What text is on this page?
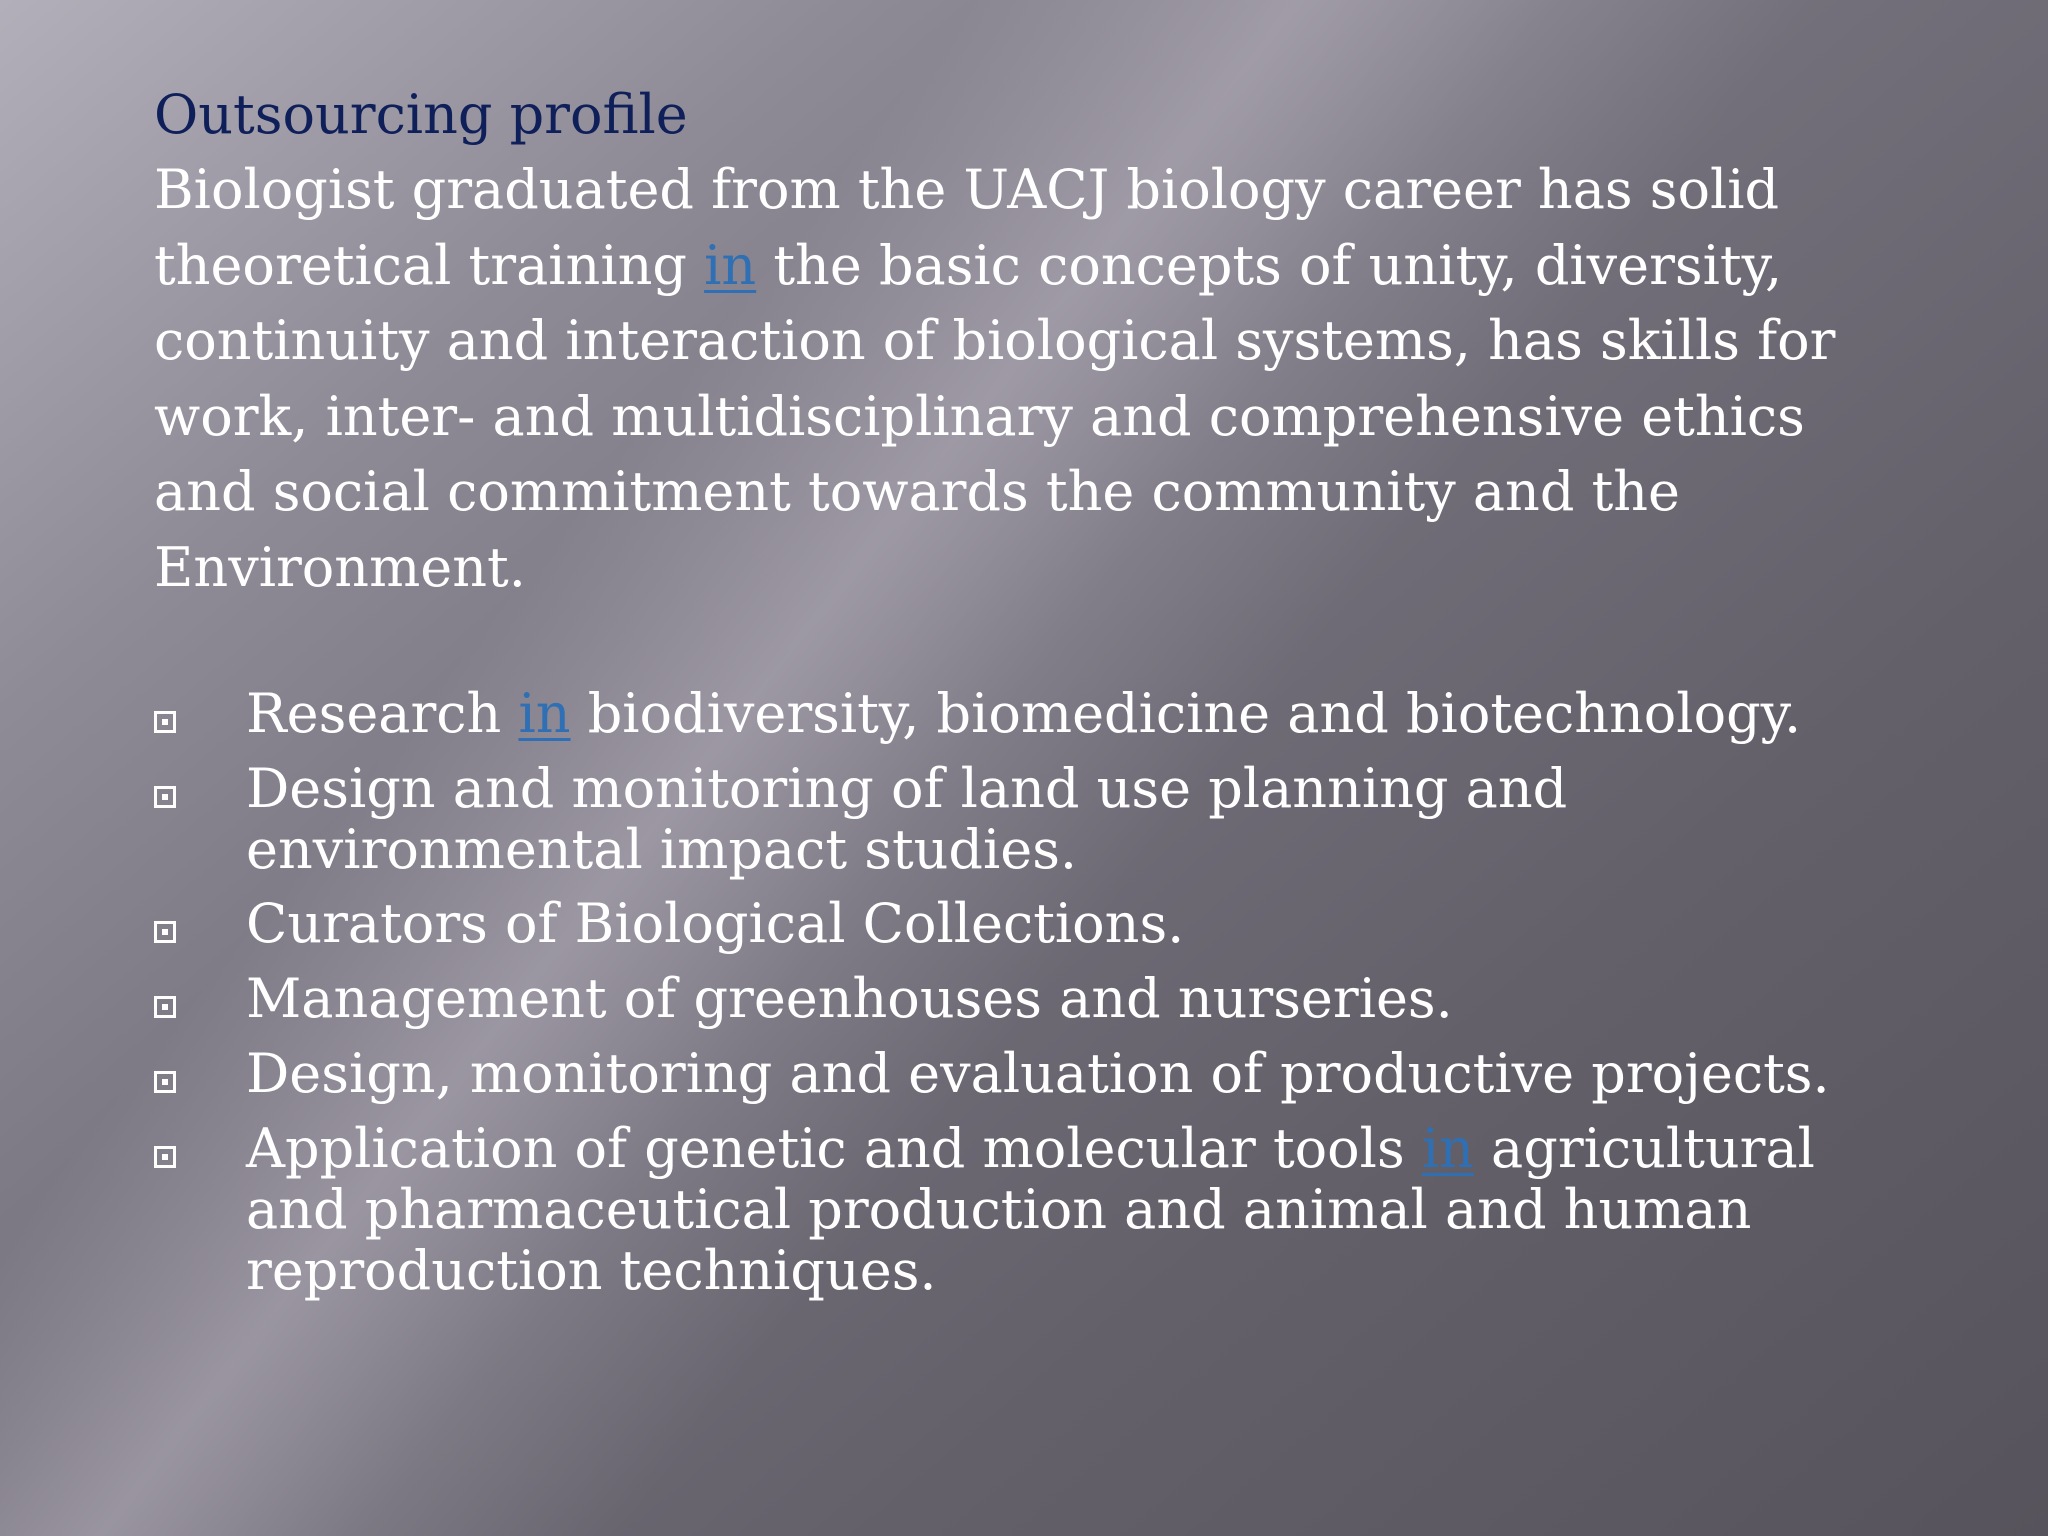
Outsourcing profile

Biologist graduated from the UACJ biology career has solid
theoretical training in the basic concepts of unity, diversity,
continuity and interaction of biological systems, has skills for
work, inter- and multidisciplinary and comprehensive ethics
and social commitment towards the community and the
Environment.

Research in biodiversity, biomedicine and biotechnology.
Design and monitoring of land use planning and
environmental impact studies.
Curators of Biological Collections.
Management of greenhouses and nurseries.
Design, monitoring and evaluation of productive projects.
Application of genetic and molecular tools in agricultural
and pharmaceutical production and animal and human
reproduction techniques.
